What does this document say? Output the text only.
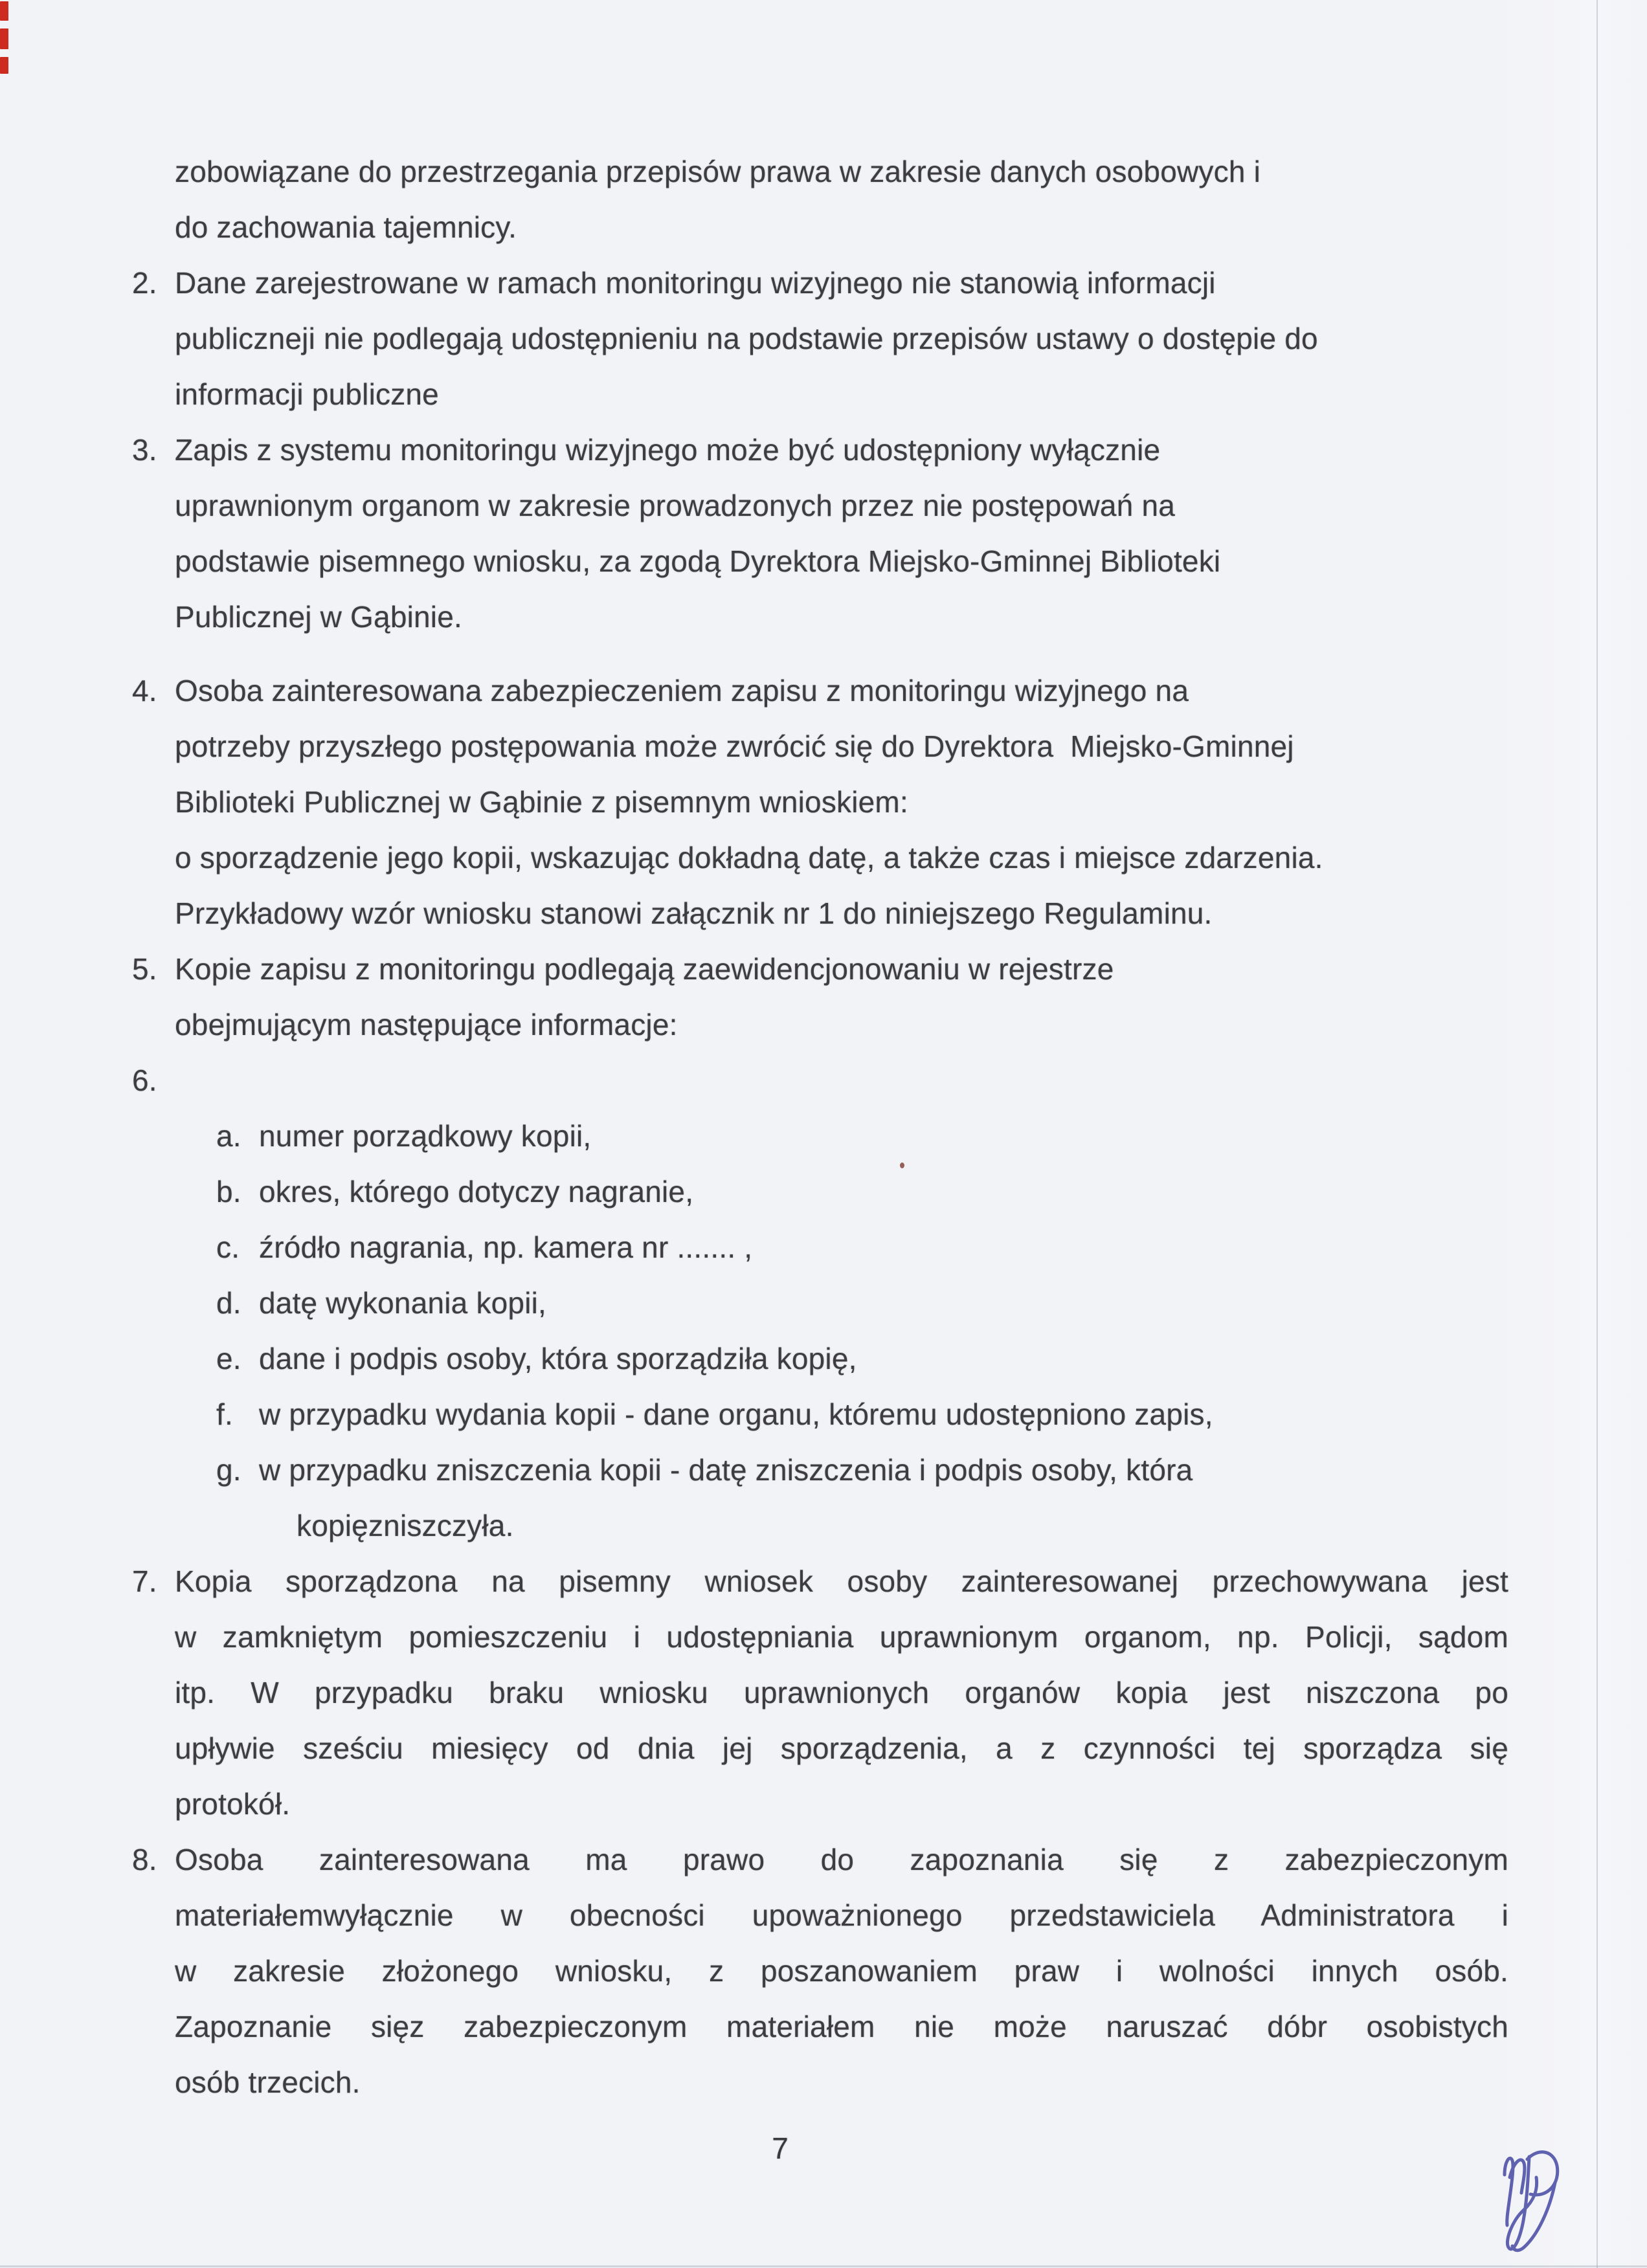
zobowiązane do przestrzegania przepisów prawa w zakresie danych osobowych i
do zachowania tajemnicy.
2. Dane zarejestrowane w ramach monitoringu wizyjnego nie stanowią informacji
publiczneji nie podlegają udostępnieniu na podstawie przepisów ustawy o dostępie do
informacji publiczne
3. Zapis z systemu monitoringu wizyjnego może być udostępniony wyłącznie
uprawnionym organom w zakresie prowadzonych przez nie postępowań na
podstawie pisemnego wniosku, za zgodą Dyrektora Miejsko-Gminnej Biblioteki
Publicznej w Gąbinie.
4. Osoba zainteresowana zabezpieczeniem zapisu z monitoringu wizyjnego na
potrzeby przyszłego postępowania może zwrócić się do Dyrektora  Miejsko-Gminnej
Biblioteki Publicznej w Gąbinie z pisemnym wnioskiem:
o sporządzenie jego kopii, wskazując dokładną datę, a także czas i miejsce zdarzenia.
Przykładowy wzór wniosku stanowi załącznik nr 1 do niniejszego Regulaminu.
5. Kopie zapisu z monitoringu podlegają zaewidencjonowaniu w rejestrze
obejmującym następujące informacje:
6.
a. numer porządkowy kopii,
b. okres, którego dotyczy nagranie,
c. źródło nagrania, np. kamera nr ....... ,
d. datę wykonania kopii,
e. dane i podpis osoby, która sporządziła kopię,
f. w przypadku wydania kopii - dane organu, któremu udostępniono zapis,
g. w przypadku zniszczenia kopii - datę zniszczenia i podpis osoby, która
kopięzniszczyła.
7. Kopia sporządzona na pisemny wniosek osoby zainteresowanej przechowywana jest
w zamkniętym pomieszczeniu i udostępniania uprawnionym organom, np. Policji, sądom
itp. W przypadku braku wniosku uprawnionych organów kopia jest niszczona po
upływie sześciu miesięcy od dnia jej sporządzenia, a z czynności tej sporządza się
protokół.
8. Osoba zainteresowana ma prawo do zapoznania się z zabezpieczonym
materiałemwyłącznie w obecności upoważnionego przedstawiciela Administratora i
w zakresie złożonego wniosku, z poszanowaniem praw i wolności innych osób.
Zapoznanie sięz zabezpieczonym materiałem nie może naruszać dóbr osobistych
osób trzecich.
7
